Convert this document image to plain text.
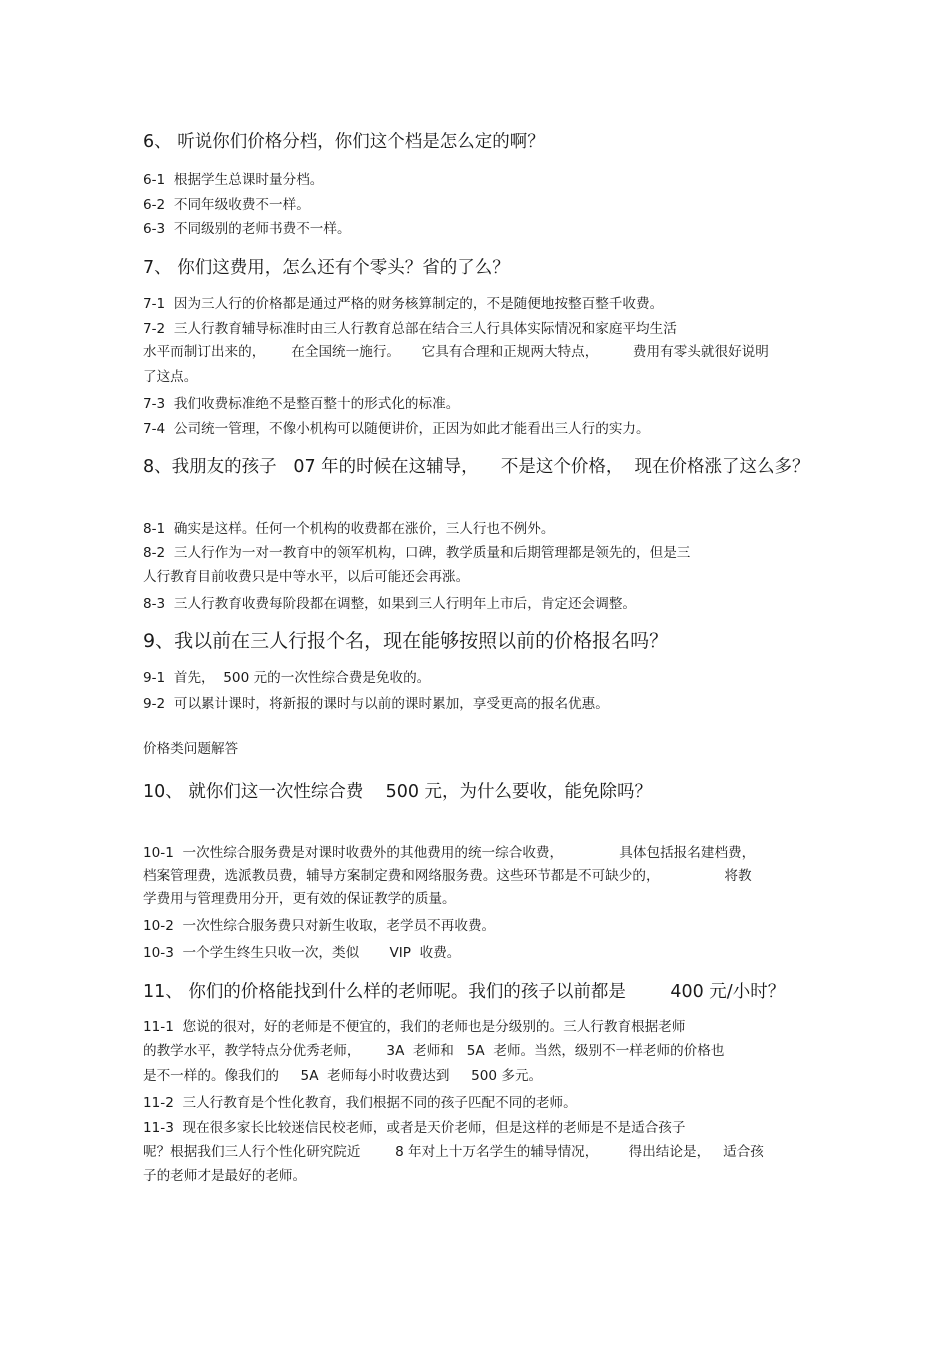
6、 听说你们价格分档，你们这个档是怎么定的啊？
6-1  根据学生总课时量分档。
6-2  不同年级收费不一样。
6-3  不同级别的老师书费不一样。
7、 你们这费用，怎么还有个零头？省的了么？
7-1  因为三人行的价格都是通过严格的财务核算制定的，不是随便地按整百整千收费。
7-2  三人行教育辅导标准时由三人行教育总部在结合三人行具体实际情况和家庭平均生活
水平而制订出来的，      在全国统一施行。     它具有合理和正规两大特点，        费用有零头就很好说明
了这点。
7-3  我们收费标准绝不是整百整十的形式化的标准。
7-4  公司统一管理，不像小机构可以随便讲价，正因为如此才能看出三人行的实力。
8、我朋友的孩子   07 年的时候在这辅导，    不是这个价格，  现在价格涨了这么多？
8-1  确实是这样。任何一个机构的收费都在涨价，三人行也不例外。
8-2  三人行作为一对一教育中的领军机构，口碑，教学质量和后期管理都是领先的，但是三
人行教育目前收费只是中等水平，以后可能还会再涨。
8-3  三人行教育收费每阶段都在调整，如果到三人行明年上市后，肯定还会调整。
9、我以前在三人行报个名，现在能够按照以前的价格报名吗？
9-1  首先，  500 元的一次性综合费是免收的。
9-2  可以累计课时，将新报的课时与以前的课时累加，享受更高的报名优惠。
价格类问题解答
10、 就你们这一次性综合费    500 元，为什么要收，能免除吗？
10-1  一次性综合服务费是对课时收费外的其他费用的统一综合收费，             具体包括报名建档费，
档案管理费，选派教员费，辅导方案制定费和网络服务费。这些环节都是不可缺少的，               将教
学费用与管理费用分开，更有效的保证教学的质量。
10-2  一次性综合服务费只对新生收取，老学员不再收费。
10-3  一个学生终生只收一次，类似       VIP  收费。
11、 你们的价格能找到什么样的老师呢。我们的孩子以前都是        400 元/小时？
11-1  您说的很对，好的老师是不便宜的，我们的老师也是分级别的。三人行教育根据老师
的教学水平，教学特点分优秀老师，      3A  老师和   5A  老师。当然，级别不一样老师的价格也
是不一样的。像我们的     5A  老师每小时收费达到     500 多元。
11-2  三人行教育是个性化教育，我们根据不同的孩子匹配不同的老师。
11-3  现在很多家长比较迷信民校老师，或者是天价老师，但是这样的老师是不是适合孩子
呢？根据我们三人行个性化研究院近        8 年对上十万名学生的辅导情况，       得出结论是，   适合孩
子的老师才是最好的老师。
